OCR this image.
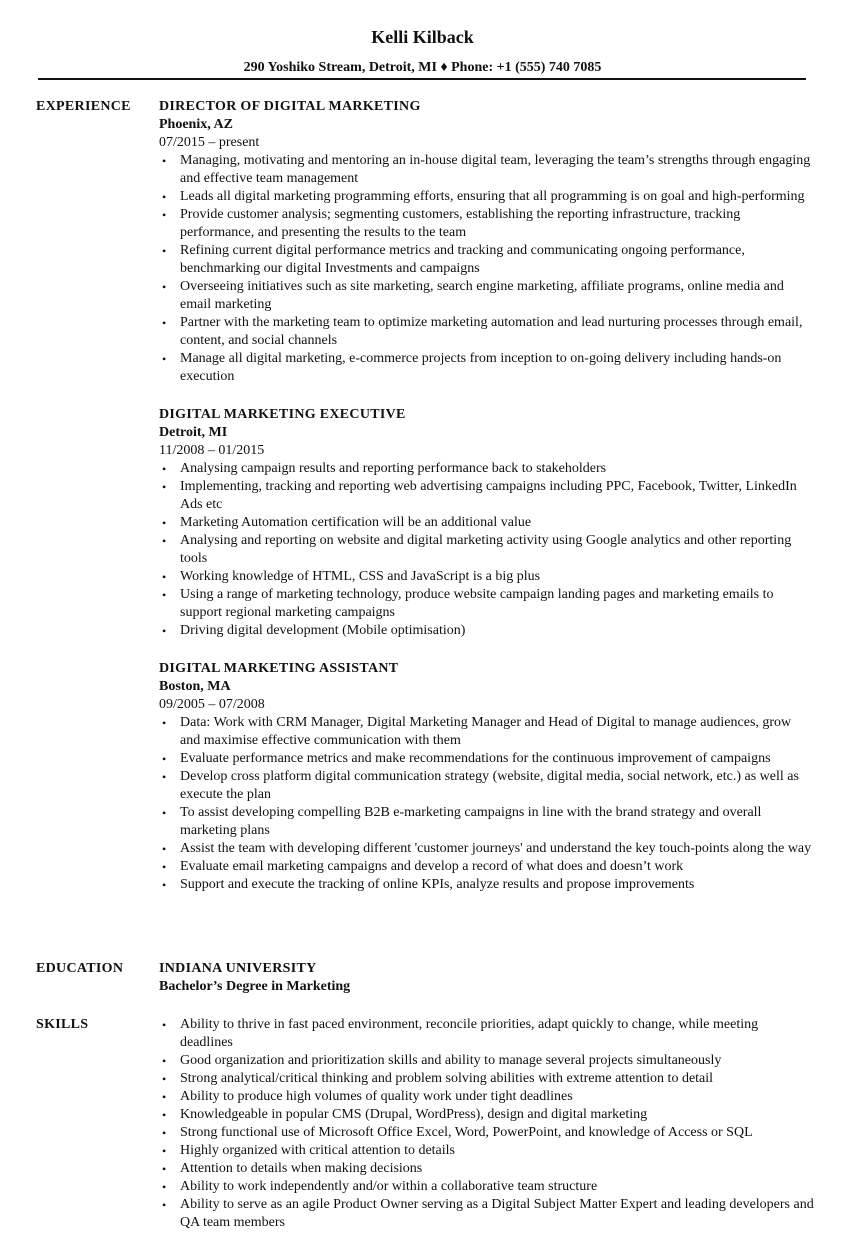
Kelli Kilback
290 Yoshiko Stream, Detroit, MI ♦ Phone: +1 (555) 740 7085
EXPERIENCE DIRECTOR OF DIGITAL MARKETING
Phoenix, AZ
07/2015 – present
• Managing, motivating and mentoring an in-house digital team, leveraging the team’s strengths through engaging and effective team management
• Leads all digital marketing programming efforts, ensuring that all programming is on goal and high-performing
• Provide customer analysis; segmenting customers, establishing the reporting infrastructure, tracking performance, and presenting the results to the team
• Refining current digital performance metrics and tracking and communicating ongoing performance, benchmarking our digital Investments and campaigns
• Overseeing initiatives such as site marketing, search engine marketing, affiliate programs, online media and email marketing
• Partner with the marketing team to optimize marketing automation and lead nurturing processes through email, content, and social channels
• Manage all digital marketing, e-commerce projects from inception to on-going delivery including hands-on execution
DIGITAL MARKETING EXECUTIVE
Detroit, MI
11/2008 – 01/2015
• Analysing campaign results and reporting performance back to stakeholders
• Implementing, tracking and reporting web advertising campaigns including PPC, Facebook, Twitter, LinkedIn Ads etc
• Marketing Automation certification will be an additional value
• Analysing and reporting on website and digital marketing activity using Google analytics and other reporting tools
• Working knowledge of HTML, CSS and JavaScript is a big plus
• Using a range of marketing technology, produce website campaign landing pages and marketing emails to support regional marketing campaigns
• Driving digital development (Mobile optimisation)
DIGITAL MARKETING ASSISTANT
Boston, MA
09/2005 – 07/2008
• Data: Work with CRM Manager, Digital Marketing Manager and Head of Digital to manage audiences, grow and maximise effective communication with them
• Evaluate performance metrics and make recommendations for the continuous improvement of campaigns
• Develop cross platform digital communication strategy (website, digital media, social network, etc.) as well as execute the plan
• To assist developing compelling B2B e-marketing campaigns in line with the brand strategy and overall marketing plans
• Assist the team with developing different 'customer journeys' and understand the key touch-points along the way
• Evaluate email marketing campaigns and develop a record of what does and doesn’t work
• Support and execute the tracking of online KPIs, analyze results and propose improvements
EDUCATION	INDIANA UNIVERSITY
Bachelor’s Degree in Marketing
SKILLS	• Ability to thrive in fast paced environment, reconcile priorities, adapt quickly to change, while meeting deadlines
• Good organization and prioritization skills and ability to manage several projects simultaneously
• Strong analytical/critical thinking and problem solving abilities with extreme attention to detail
• Ability to produce high volumes of quality work under tight deadlines
• Knowledgeable in popular CMS (Drupal, WordPress), design and digital marketing
• Strong functional use of Microsoft Office Excel, Word, PowerPoint, and knowledge of Access or SQL
• Highly organized with critical attention to details
• Attention to details when making decisions
• Ability to work independently and/or within a collaborative team structure
• Ability to serve as an agile Product Owner serving as a Digital Subject Matter Expert and leading developers and QA team members
